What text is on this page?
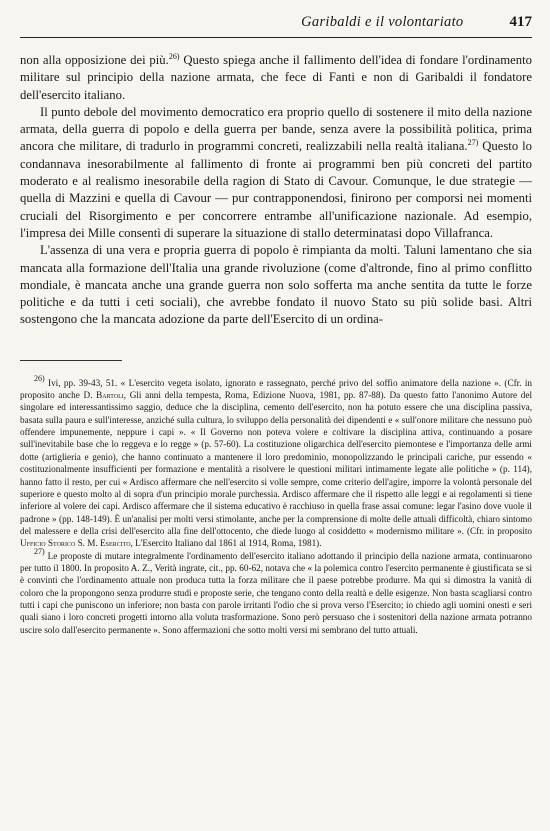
Garibaldi e il volontariato	417

non alla opposizione dei più.$^{26)}$ Questo spiega anche il fallimento dell'idea di fondare l'ordinamento militare sul principio della nazione armata, che fece di Fanti e non di Garibaldi il fondatore dell'esercito italiano.

Il punto debole del movimento democratico era proprio quello di sostenere il mito della nazione armata, della guerra di popolo e della guerra per bande, senza avere la possibilità politica, prima ancora che militare, di tradurlo in programmi concreti, realizzabili nella realtà italiana.$^{27)}$ Questo lo condannava inesorabilmente al fallimento di fronte ai programmi ben più concreti del partito moderato e al realismo inesorabile della ragion di Stato di Cavour. Comunque, le due strategie — quella di Mazzini e quella di Cavour — pur contrapponendosi, finirono per comporsi nei momenti cruciali del Risorgimento e per concorrere entrambe all'unificazione nazionale. Ad esempio, l'impresa dei Mille consentì di superare la situazione di stallo determinatasi dopo Villafranca.

L'assenza di una vera e propria guerra di popolo è rimpianta da molti. Taluni lamentano che sia mancata alla formazione dell'Italia una grande rivoluzione (come d'altronde, fino al primo conflitto mondiale, è mancata anche una grande guerra non solo sofferta ma anche sentita da tutte le forze politiche e da tutti i ceti sociali), che avrebbe fondato il nuovo Stato su più solide basi. Altri sostengono che la mancata adozione da parte dell'Esercito di un ordina-

$^{26)}$ Ivi, pp. 39-43, 51. « L'esercito vegeta isolato, ignorato e rassegnato, perché privo del soffio animatore della nazione ». (Cfr. in proposito anche D. Bartoli, Gli anni della tempesta, Roma, Edizione Nuova, 1981, pp. 87-88). Da questo fatto l'anonimo Autore del singolare ed interessantissimo saggio, deduce che la disciplina, cemento dell'esercito, non ha potuto essere che una disciplina passiva, basata sulla paura e sull'interesse, anziché sulla cultura, lo sviluppo della personalità dei dipendenti e « sull'onore militare che nessuno può offendere impunemente, neppure i capi ». « Il Governo non poteva volere e coltivare la disciplina attiva, continuando a posare sull'inevitabile base che lo reggeva e lo regge » (p. 57-60). La costituzione oligarchica dell'esercito piemontese e l'importanza delle armi dotte (artiglieria e genio), che hanno continuato a mantenere il loro predominio, monopolizzando le principali cariche, pur essendo « costituzionalmente insufficienti per formazione e mentalità a risolvere le questioni militari intimamente legate alle politiche » (p. 114), hanno fatto il resto, per cui « Ardisco affermare che nell'esercito si volle sempre, come criterio dell'agire, imporre la volontà personale del superiore e questo molto al di sopra d'un principio morale purchessia. Ardisco affermare che il rispetto alle leggi e ai regolamenti si tiene inferiore al volere dei capi. Ardisco affermare che il sistema educativo è racchiuso in quella frase assai comune: legar l'asino dove vuole il padrone » (pp. 148-149). È un'analisi per molti versi stimolante, anche per la comprensione di molte delle attuali difficoltà, chiaro sintomo del malessere e della crisi dell'esercito alla fine dell'ottocento, che diede luogo al cosiddetto « modernismo militare ». (Cfr. in proposito Ufficio Storico S. M. Esercito, L'Esercito Italiano dal 1861 al 1914, Roma, 1981).

$^{27)}$ Le proposte di mutare integralmente l'ordinamento dell'esercito italiano adottando il principio della nazione armata, continuarono per tutto il 1800. In proposito A. Z., Verità ingrate, cit., pp. 60-62, notava che « la polemica contro l'esercito permanente è giustificata se si è convinti che l'ordinamento attuale non produca tutta la forza militare che il paese potrebbe produrre. Ma qui si dimostra la vanità di coloro che la propongono senza produrre studi e proposte serie, che tengano conto della realtà e delle esigenze. Non basta scagliarsi contro tutti i capi che puniscono un inferiore; non basta con parole irritanti l'odio che si prova verso l'Esercito; io chiedo agli uomini onesti e seri quali siano i loro concreti progetti intorno alla voluta trasformazione. Sono però persuaso che i sostenitori della nazione armata potranno uscire solo dall'esercito permanente ». Sono affermazioni che sotto molti versi mi sembrano del tutto attuali.
